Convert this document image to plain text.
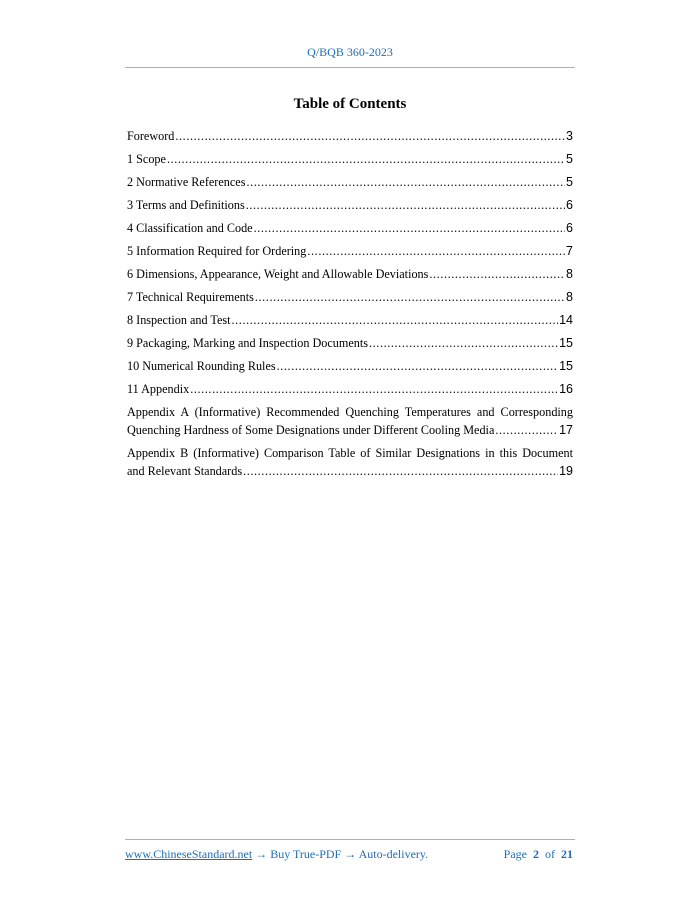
Q/BQB 360-2023
Table of Contents
Foreword .....	3
1 Scope .....	5
2 Normative References .....	5
3 Terms and Definitions .....	6
4 Classification and Code .....	6
5 Information Required for Ordering .....	7
6 Dimensions, Appearance, Weight and Allowable Deviations .....	8
7 Technical Requirements .....	8
8 Inspection and Test .....	14
9 Packaging, Marking and Inspection Documents .....	15
10 Numerical Rounding Rules .....	15
11 Appendix .....	16
Appendix A (Informative) Recommended Quenching Temperatures and Corresponding
Quenching Hardness of Some Designations under Different Cooling Media .....	17
Appendix B (Informative) Comparison Table of Similar Designations in this Document
and Relevant Standards .....	19
www.ChineseStandard.net → Buy True-PDF → Auto-delivery.	Page 2 of 21
